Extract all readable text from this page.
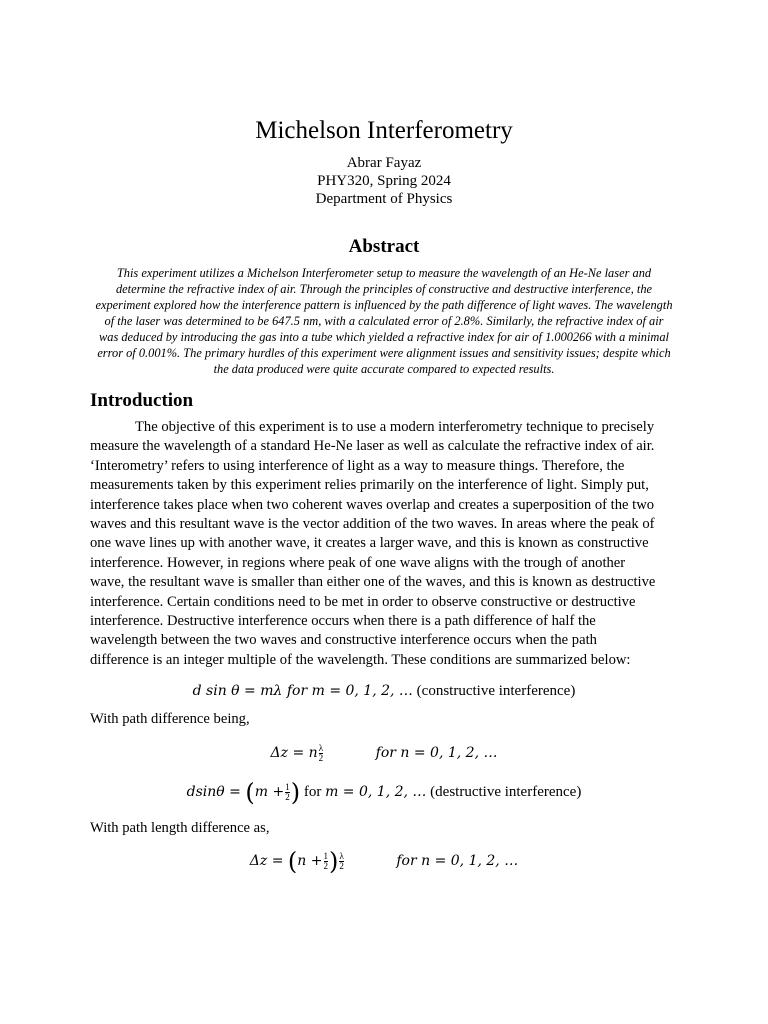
Michelson Interferometry
Abrar Fayaz
PHY320, Spring 2024
Department of Physics
Abstract
This experiment utilizes a Michelson Interferometer setup to measure the wavelength of an He-Ne laser and
determine the refractive index of air. Through the principles of constructive and destructive interference, the
experiment explored how the interference pattern is influenced by the path difference of light waves. The wavelength
of the laser was determined to be 647.5 nm, with a calculated error of 2.8%. Similarly, the refractive index of air
was deduced by introducing the gas into a tube which yielded a refractive index for air of 1.000266 with a minimal
error of 0.001%. The primary hurdles of this experiment were alignment issues and sensitivity issues; despite which
the data produced were quite accurate compared to expected results.
Introduction
The objective of this experiment is to use a modern interferometry technique to precisely
measure the wavelength of a standard He-Ne laser as well as calculate the refractive index of air.
‘Interometry’ refers to using interference of light as a way to measure things. Therefore, the
measurements taken by this experiment relies primarily on the interference of light. Simply put,
interference takes place when two coherent waves overlap and creates a superposition of the two
waves and this resultant wave is the vector addition of the two waves. In areas where the peak of
one wave lines up with another wave, it creates a larger wave, and this is known as constructive
interference. However, in regions where peak of one wave aligns with the trough of another
wave, the resultant wave is smaller than either one of the waves, and this is known as destructive
interference. Certain conditions need to be met in order to observe constructive or destructive
interference. Destructive interference occurs when there is a path difference of half the
wavelength between the two waves and constructive interference occurs when the path
difference is an integer multiple of the wavelength. These conditions are summarized below:
d sin θ = mλ for m = 0, 1, 2, … (constructive interference)
With path difference being,
Δz = n $\frac{\lambda}{2}$	for n = 0, 1, 2, …
$dsin\theta = (m + \frac{1}{2}$ ) for m = 0, 1, 2, … (destructive interference)
With path length difference as,
$\Delta z = (n + \frac{1}{2}$ ) $\frac{\lambda}{2}$	for n = 0, 1, 2, …
